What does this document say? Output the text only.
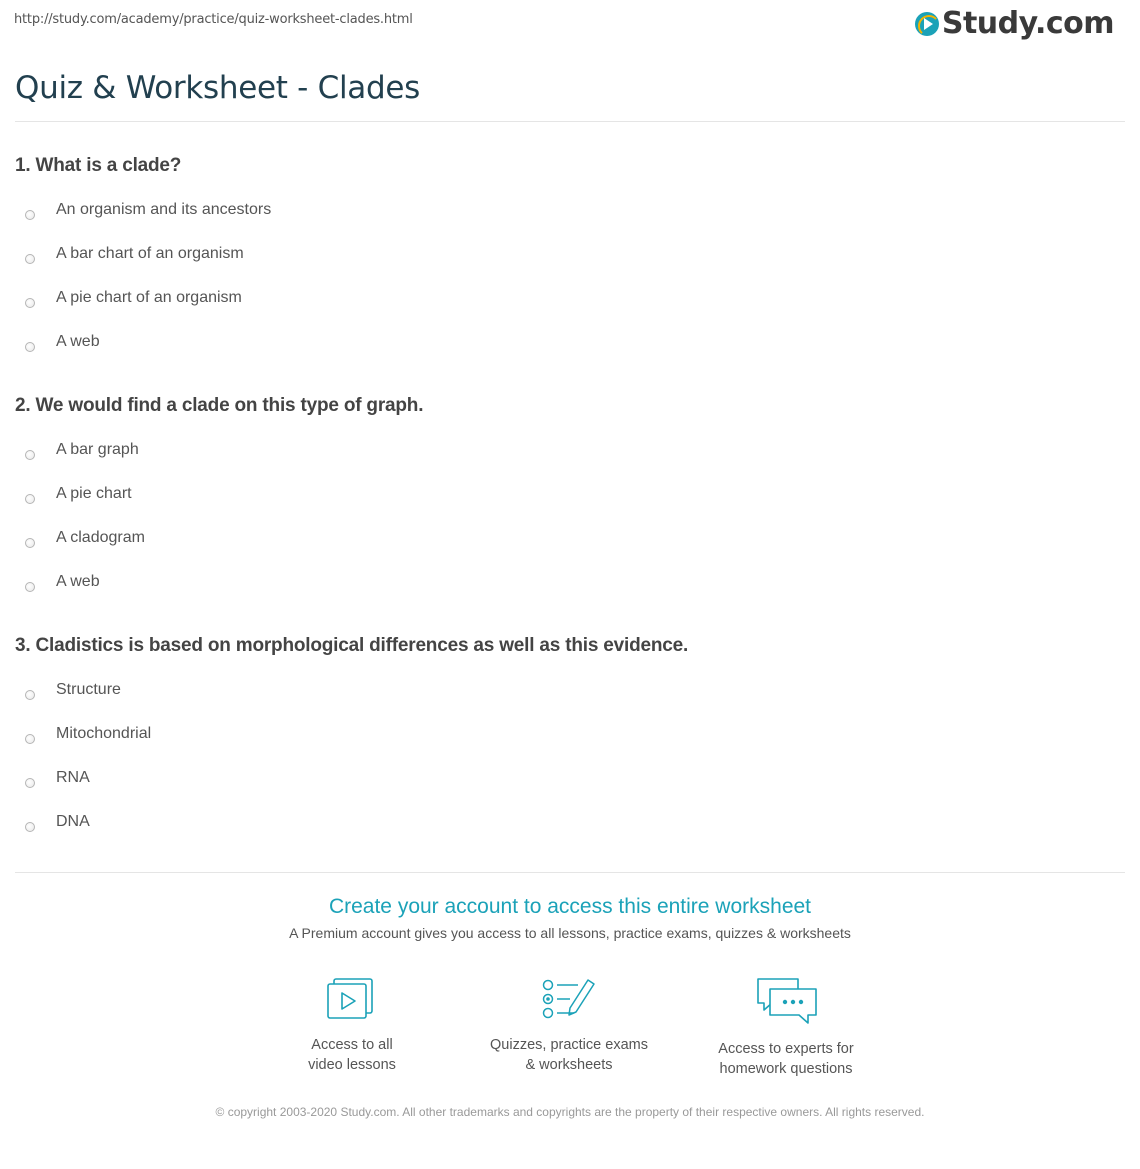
http://study.com/academy/practice/quiz-worksheet-clades.html	Study.com
Quiz & Worksheet - Clades
1. What is a clade?
An organism and its ancestors
A bar chart of an organism
A pie chart of an organism
A web
2. We would find a clade on this type of graph.
A bar graph
A pie chart
A cladogram
A web
3. Cladistics is based on morphological differences as well as this evidence.
Structure
Mitochondrial
RNA
DNA
Create your account to access this entire worksheet
A Premium account gives you access to all lessons, practice exams, quizzes & worksheets
Access to all
video lessons
Quizzes, practice exams
& worksheets
Access to experts for
homework questions
© copyright 2003-2020 Study.com. All other trademarks and copyrights are the property of their respective owners. All rights reserved.
